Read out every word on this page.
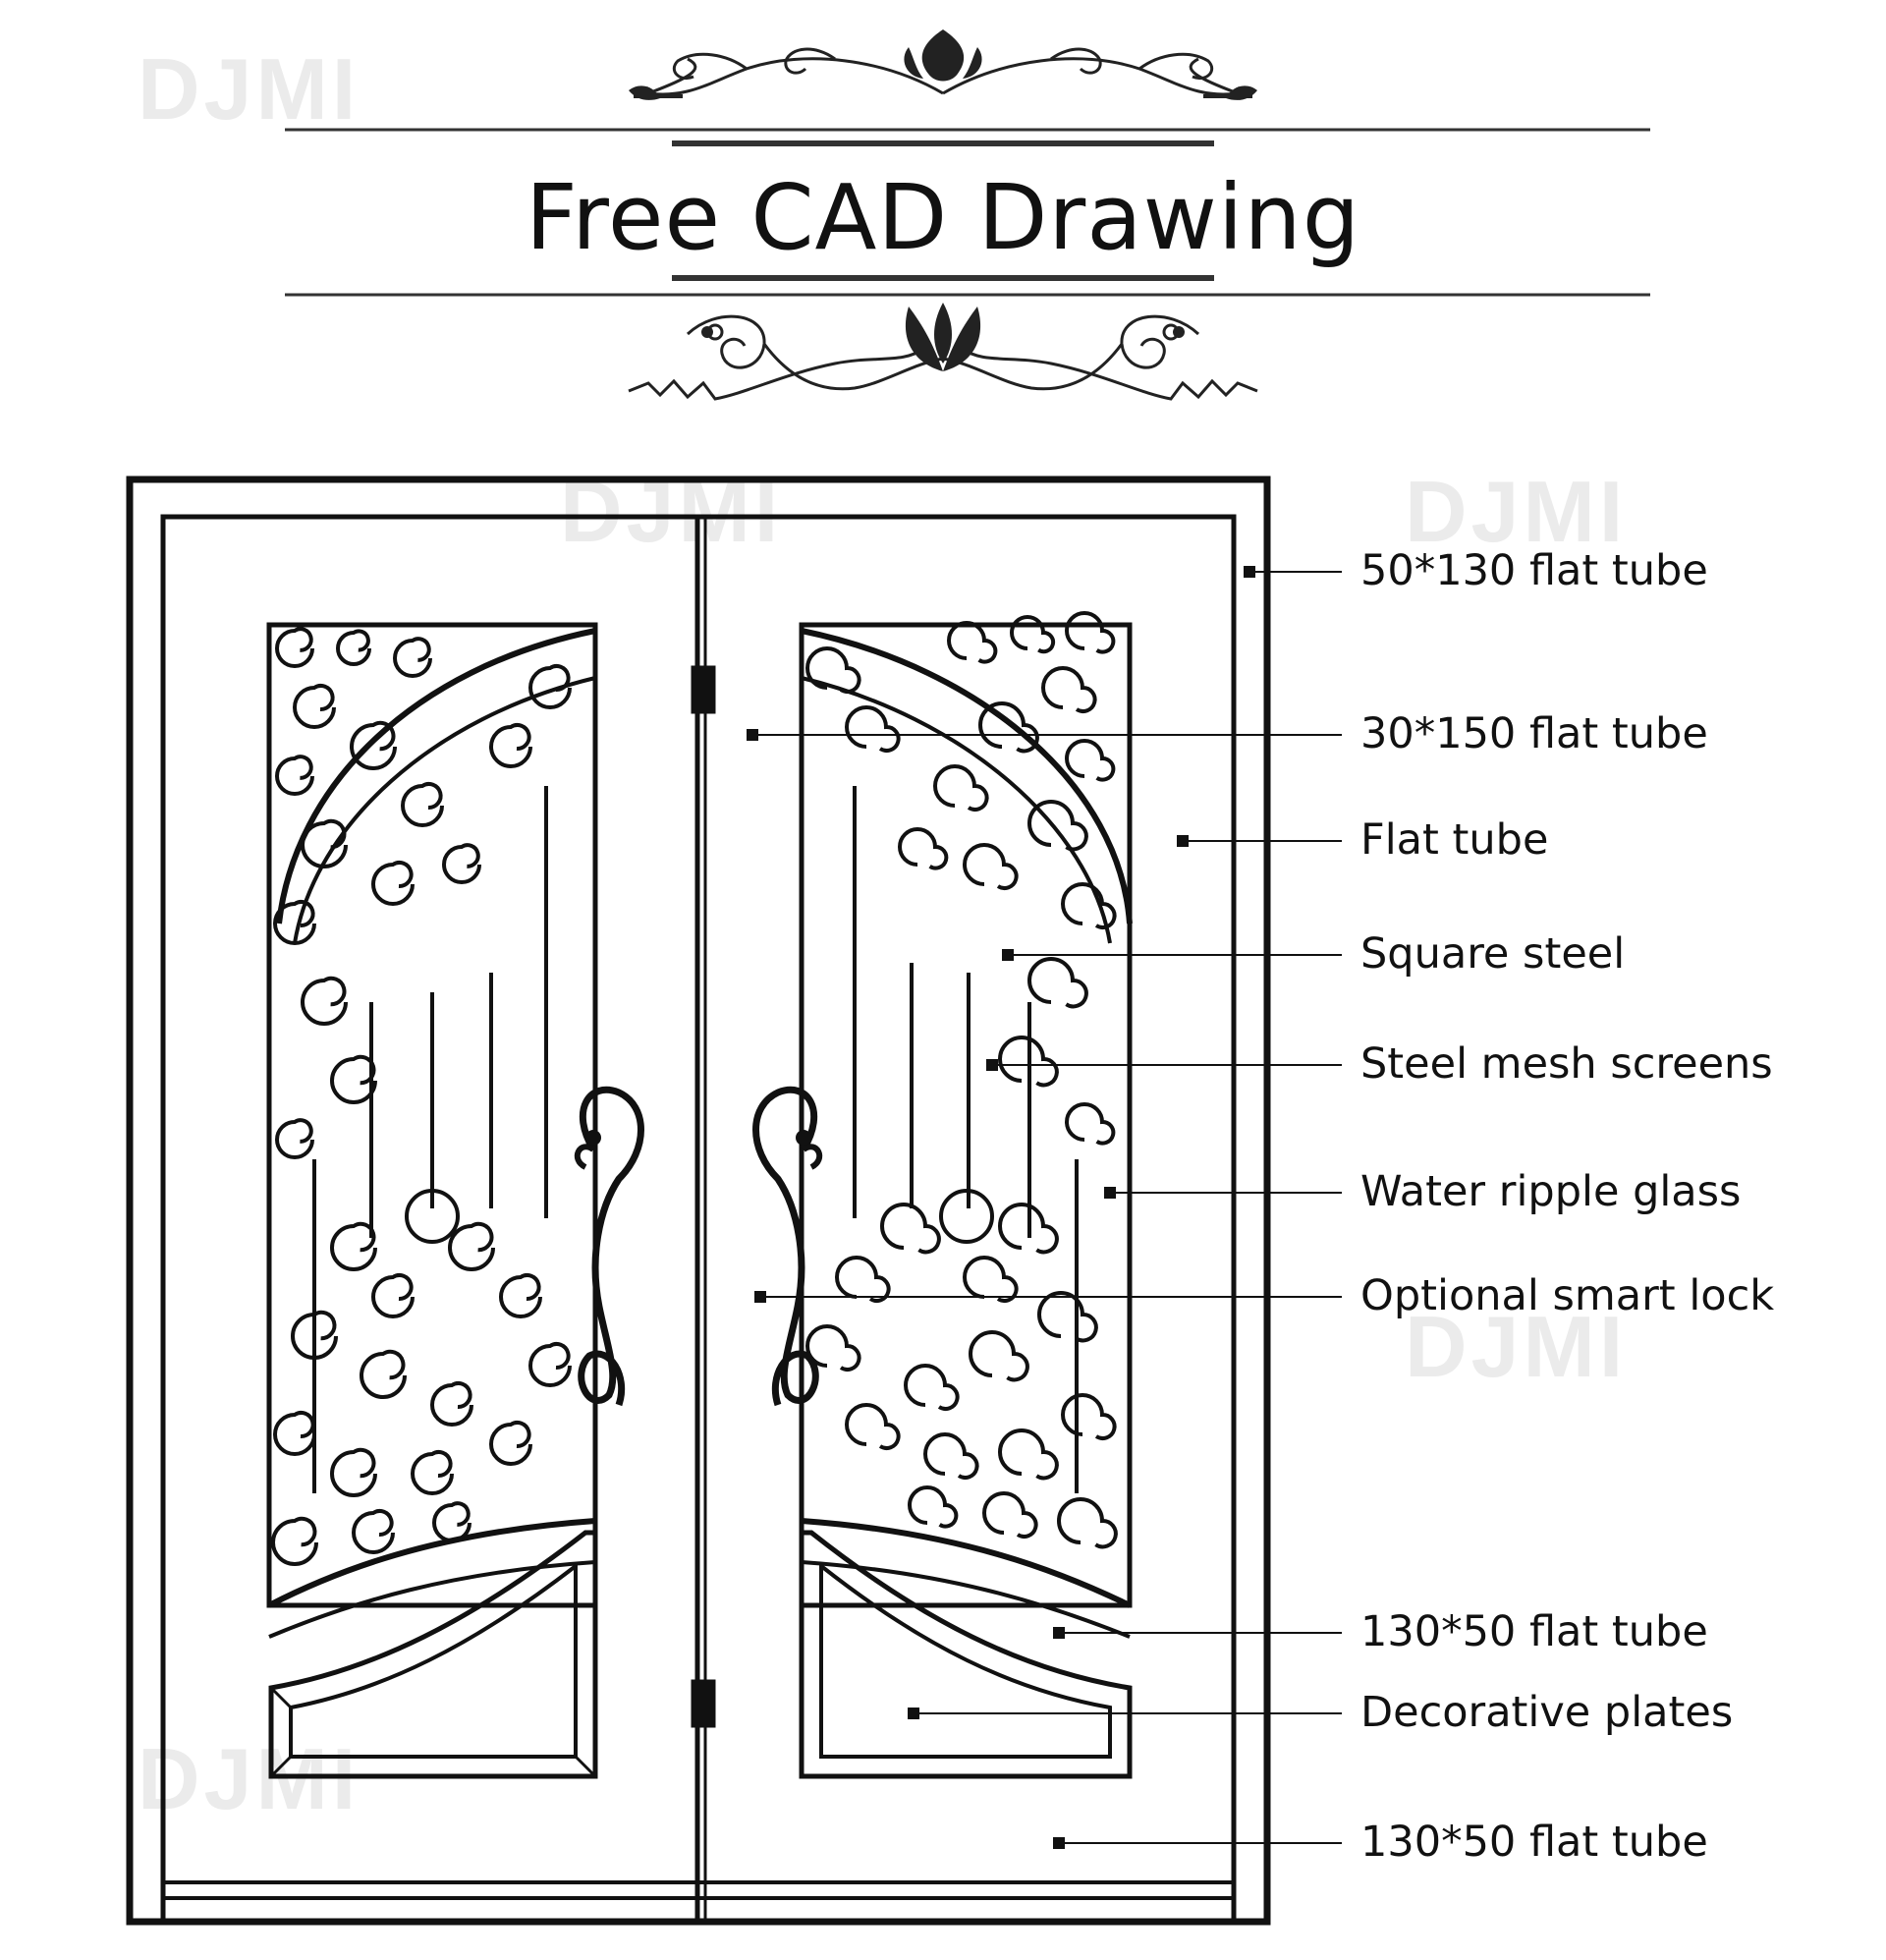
DJMI
DJMI	DJMI
DJMI
DJMI
Free CAD Drawing
50*130 flat tube
30*150 flat tube
Flat tube
Square steel
Steel mesh screens
Water ripple glass
Optional smart lock
130*50 flat tube
Decorative plates
130*50 flat tube
